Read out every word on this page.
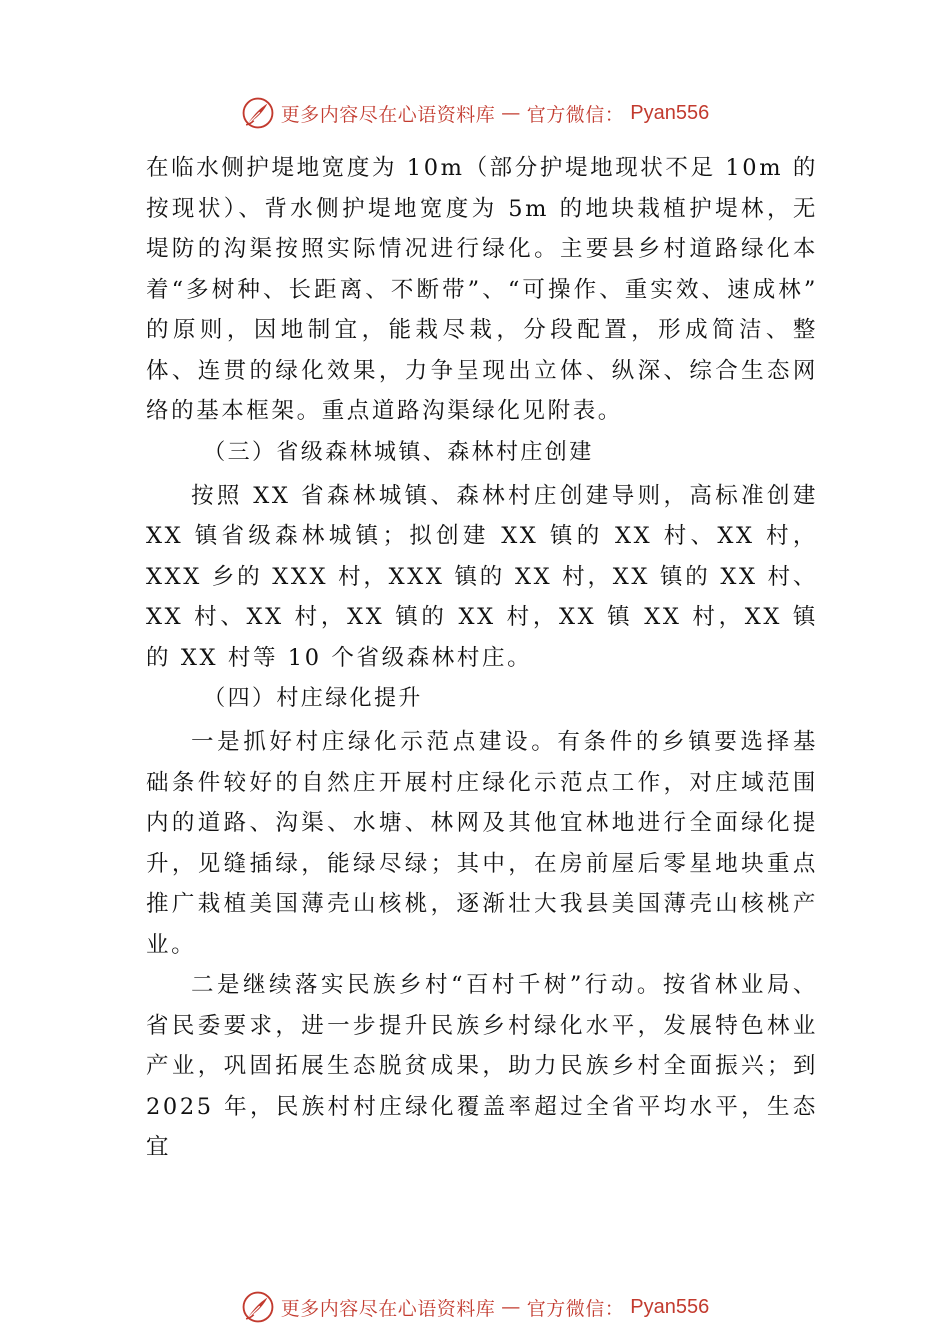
更多内容尽在心语资料库 — 官方微信： Pyan556

在临水侧护堤地宽度为 10m（部分护堤地现状不足 10m 的按现状）、背水侧护堤地宽度为 5m 的地块栽植护堤林，无堤防的沟渠按照实际情况进行绿化。主要县乡村道路绿化本着“多树种、长距离、不断带”、“可操作、重实效、速成林” 的原则，因地制宜，能栽尽栽，分段配置，形成简洁、整体、连贯的绿化效果，力争呈现出立体、纵深、综合生态网络的基本框架。重点道路沟渠绿化见附表。

（三）省级森林城镇、森林村庄创建

按照 XX 省森林城镇、森林村庄创建导则，高标准创建 XX 镇省级森林城镇；拟创建 XX 镇的 XX 村、XX 村，XXX 乡的 XXX 村，XXX 镇的 XX 村，XX 镇的 XX 村、XX 村、XX 村，XX 镇的 XX 村，XX 镇 XX 村，XX 镇的 XX 村等 10 个省级森林村庄。

（四）村庄绿化提升

一是抓好村庄绿化示范点建设。有条件的乡镇要选择基础条件较好的自然庄开展村庄绿化示范点工作，对庄域范围内的道路、沟渠、水塘、林网及其他宜林地进行全面绿化提升，见缝插绿，能绿尽绿；其中，在房前屋后零星地块重点推广栽植美国薄壳山核桃，逐渐壮大我县美国薄壳山核桃产业。

二是继续落实民族乡村“百村千树”行动。按省林业局、省民委要求，进一步提升民族乡村绿化水平，发展特色林业产业，巩固拓展生态脱贫成果，助力民族乡村全面振兴；到 2025 年，民族村村庄绿化覆盖率超过全省平均水平，生态宜

更多内容尽在心语资料库 — 官方微信： Pyan556
